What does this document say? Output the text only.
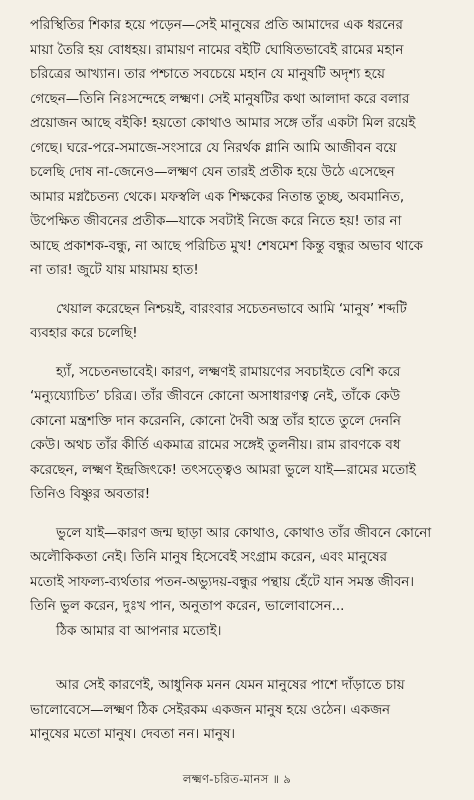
পরিস্থিতির শিকার হয়ে পড়েন—সেই মানুষের প্রতি আমাদের এক ধরনের
মায়া তৈরি হয় বোধহয়। রামায়ণ নামের বইটি ঘোষিতভাবেই রামের মহান
চরিত্রের আখ্যান। তার পশ্চাতে সবচেয়ে মহান যে মানুষটি অদৃশ্য হয়ে
গেছেন—তিনি নিঃসন্দেহে লক্ষ্মণ। সেই মানুষটির কথা আলাদা করে বলার
প্রয়োজন আছে বইকি! হয়তো কোথাও আমার সঙ্গে তাঁর একটা মিল রয়েই
গেছে। ঘরে-পরে-সমাজে-সংসারে যে নিরর্থক গ্লানি আমি আজীবন বয়ে
চলেছি দোষ না-জেনেও—লক্ষ্মণ যেন তারই প্রতীক হয়ে উঠে এসেছেন
আমার মগ্নচৈতন্য থেকে। মফস্বলি এক শিক্ষকের নিতান্ত তুচ্ছ, অবমানিত,
উপেক্ষিত জীবনের প্রতীক—যাকে সবটাই নিজে করে নিতে হয়! তার না
আছে প্রকাশক-বন্ধু, না আছে পরিচিত মুখ! শেষমেশ কিন্তু বন্ধুর অভাব থাকে
না তার! জুটে যায় মায়াময় হাত!
খেয়াল করেছেন নিশ্চয়ই, বারংবার সচেতনভাবে আমি ‘মানুষ’ শব্দটি
ব্যবহার করে চলেছি!
হ্যাঁ, সচেতনভাবেই। কারণ, লক্ষ্মণই রামায়ণের সবচাইতে বেশি করে
‘মন্যুয্যোচিত’ চরিত্র। তাঁর জীবনে কোনো অসাধারণত্ব নেই, তাঁকে কেউ
কোনো মন্ত্রশক্তি দান করেননি, কোনো দৈবী অস্ত্র তাঁর হাতে তুলে দেননি
কেউ। অথচ তাঁর কীর্তি একমাত্র রামের সঙ্গেই তুলনীয়। রাম রাবণকে বধ
করেছেন, লক্ষ্মণ ইন্দ্রজিৎকে! তৎসত্ত্বেও আমরা ভুলে যাই—রামের মতোই
তিনিও বিষ্ণুর অবতার!
ভুলে যাই—কারণ জন্ম ছাড়া আর কোথাও, কোথাও তাঁর জীবনে কোনো
অলৌকিকতা নেই। তিনি মানুষ হিসেবেই সংগ্রাম করেন, এবং মানুষের
মতোই সাফল্য-ব্যর্থতার পতন-অভ্যুদয়-বন্ধুর পন্থায় হেঁটে যান সমস্ত জীবন।
তিনি ভুল করেন, দুঃখ পান, অনুতাপ করেন, ভালোবাসেন...
ঠিক আমার বা আপনার মতোই।
আর সেই কারণেই, আধুনিক মনন যেমন মানুষের পাশে দাঁড়াতে চায়
ভালোবেসে—লক্ষ্মণ ঠিক সেইরকম একজন মানুষ হয়ে ওঠেন। একজন
মানুষের মতো মানুষ। দেবতা নন। মানুষ।
লক্ষ্মণ-চরিত-মানস ॥ ৯
